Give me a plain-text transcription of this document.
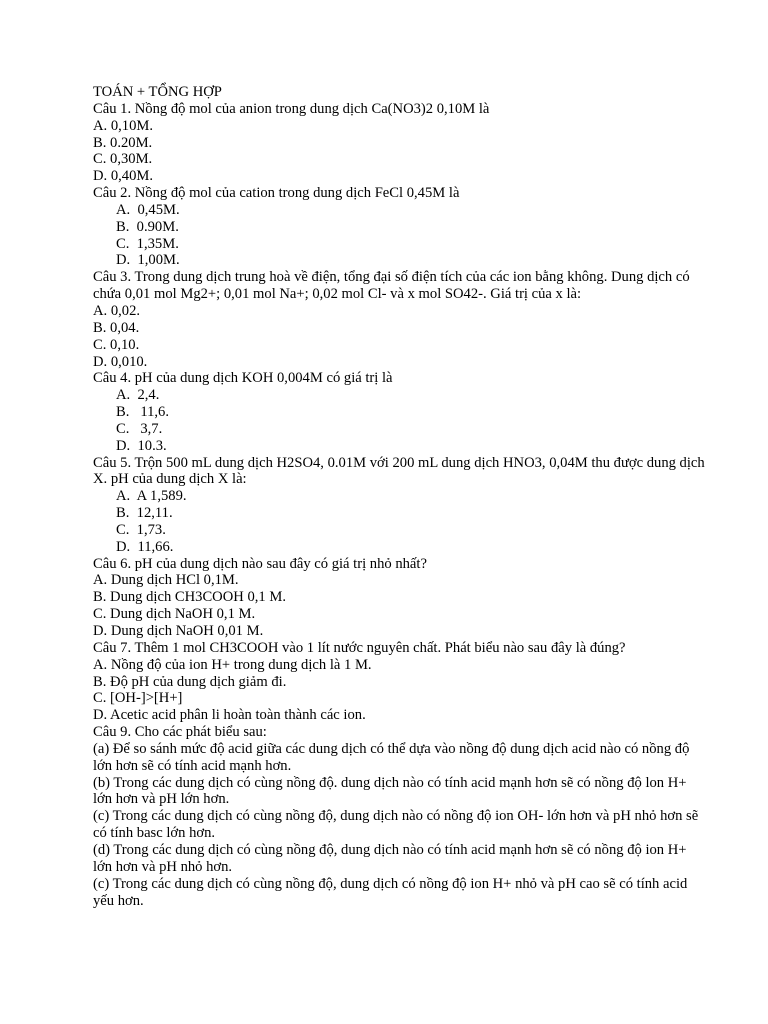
TOÁN + TỔNG HỢP
Câu 1. Nồng độ mol của anion trong dung dịch Ca(NO3)2 0,10M là
A. 0,10M.
B. 0.20M.
C. 0,30M.
D. 0,40M.
Câu 2. Nồng độ mol của cation trong dung dịch FeCl 0,45M là
A.  0,45M.
B.  0.90M.
C.  1,35M.
D.  1,00M.
Câu 3. Trong dung dịch trung hoà về điện, tổng đại số điện tích của các ion bằng không. Dung dịch có chứa 0,01 mol Mg2+; 0,01 mol Na+; 0,02 mol Cl- và x mol SO42-. Giá trị của x là:
A. 0,02.
B. 0,04.
C. 0,10.
D. 0,010.
Câu 4. pH của dung dịch KOH 0,004M có giá trị là
A.  2,4.
B.   11,6.
C.   3,7.
D.  10.3.
Câu 5. Trộn 500 mL dung dịch H2SO4, 0.01M với 200 mL dung dịch HNO3, 0,04M thu được dung dịch X. pH của dung dịch X là:
A.  A 1,589.
B.  12,11.
C.  1,73.
D.  11,66.
Câu 6. pH của dung dịch nào sau đây có giá trị nhỏ nhất?
A. Dung dịch HCl 0,1M.
B. Dung dịch CH3COOH 0,1 M.
C. Dung dịch NaOH 0,1 M.
D. Dung dịch NaOH 0,01 M.
Câu 7. Thêm 1 mol CH3COOH vào 1 lít nước nguyên chất. Phát biểu nào sau đây là đúng?
A. Nồng độ của ion H+ trong dung dịch là 1 M.
B. Độ pH của dung dịch giảm đi.
C. [OH-]>[H+]
D. Acetic acid phân li hoàn toàn thành các ion.
Câu 9. Cho các phát biểu sau:
(a) Để so sánh mức độ acid giữa các dung dịch có thể dựa vào nồng độ dung dịch acid nào có nồng độ lớn hơn sẽ có tính acid mạnh hơn.
(b) Trong các dung dịch có cùng nồng độ. dung dịch nào có tính acid mạnh hơn sẽ có nồng độ lon H+ lớn hơn và pH lớn hơn.
(c) Trong các dung dịch có cùng nồng độ, dung dịch nào có nồng độ ion OH- lớn hơn và pH nhỏ hơn sẽ có tính basc lớn hơn.
(d) Trong các dung dịch có cùng nồng độ, dung dịch nào có tính acid mạnh hơn sẽ có nồng độ ion H+ lớn hơn và pH nhỏ hơn.
(c) Trong các dung dịch có cùng nồng độ, dung dịch có nồng độ ion H+ nhỏ và pH cao sẽ có tính acid yếu hơn.
